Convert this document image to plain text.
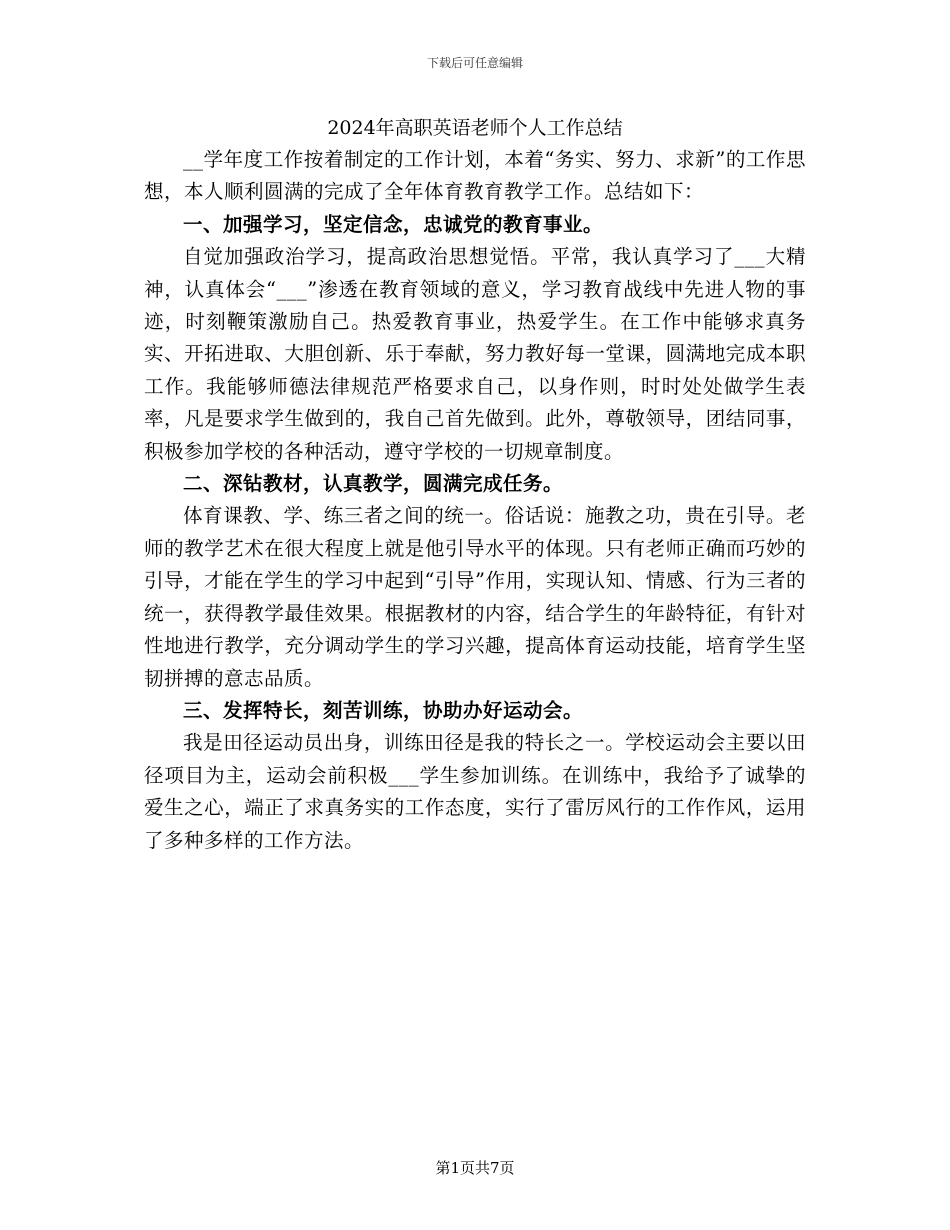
下载后可任意编辑
2024年高职英语老师个人工作总结

__学年度工作按着制定的工作计划，本着“务实、努力、求新”的工作思想，本人顺利圆满的完成了全年体育教育教学工作。总结如下：

一、加强学习，坚定信念，忠诚党的教育事业。

自觉加强政治学习，提高政治思想觉悟。平常，我认真学习了___大精神，认真体会“___”渗透在教育领域的意义，学习教育战线中先进人物的事迹，时刻鞭策激励自己。热爱教育事业，热爱学生。在工作中能够求真务实、开拓进取、大胆创新、乐于奉献，努力教好每一堂课，圆满地完成本职工作。我能够师德法律规范严格要求自己，以身作则，时时处处做学生表率，凡是要求学生做到的，我自己首先做到。此外，尊敬领导，团结同事，积极参加学校的各种活动，遵守学校的一切规章制度。

二、深钻教材，认真教学，圆满完成任务。

体育课教、学、练三者之间的统一。俗话说：施教之功，贵在引导。老师的教学艺术在很大程度上就是他引导水平的体现。只有老师正确而巧妙的引导，才能在学生的学习中起到“引导”作用，实现认知、情感、行为三者的统一，获得教学最佳效果。根据教材的内容，结合学生的年龄特征，有针对性地进行教学，充分调动学生的学习兴趣，提高体育运动技能，培育学生坚韧拼搏的意志品质。

三、发挥特长，刻苦训练，协助办好运动会。

我是田径运动员出身，训练田径是我的特长之一。学校运动会主要以田径项目为主，运动会前积极___学生参加训练。在训练中，我给予了诚挚的爱生之心，端正了求真务实的工作态度，实行了雷厉风行的工作作风，运用了多种多样的工作方法。

第1页共7页
